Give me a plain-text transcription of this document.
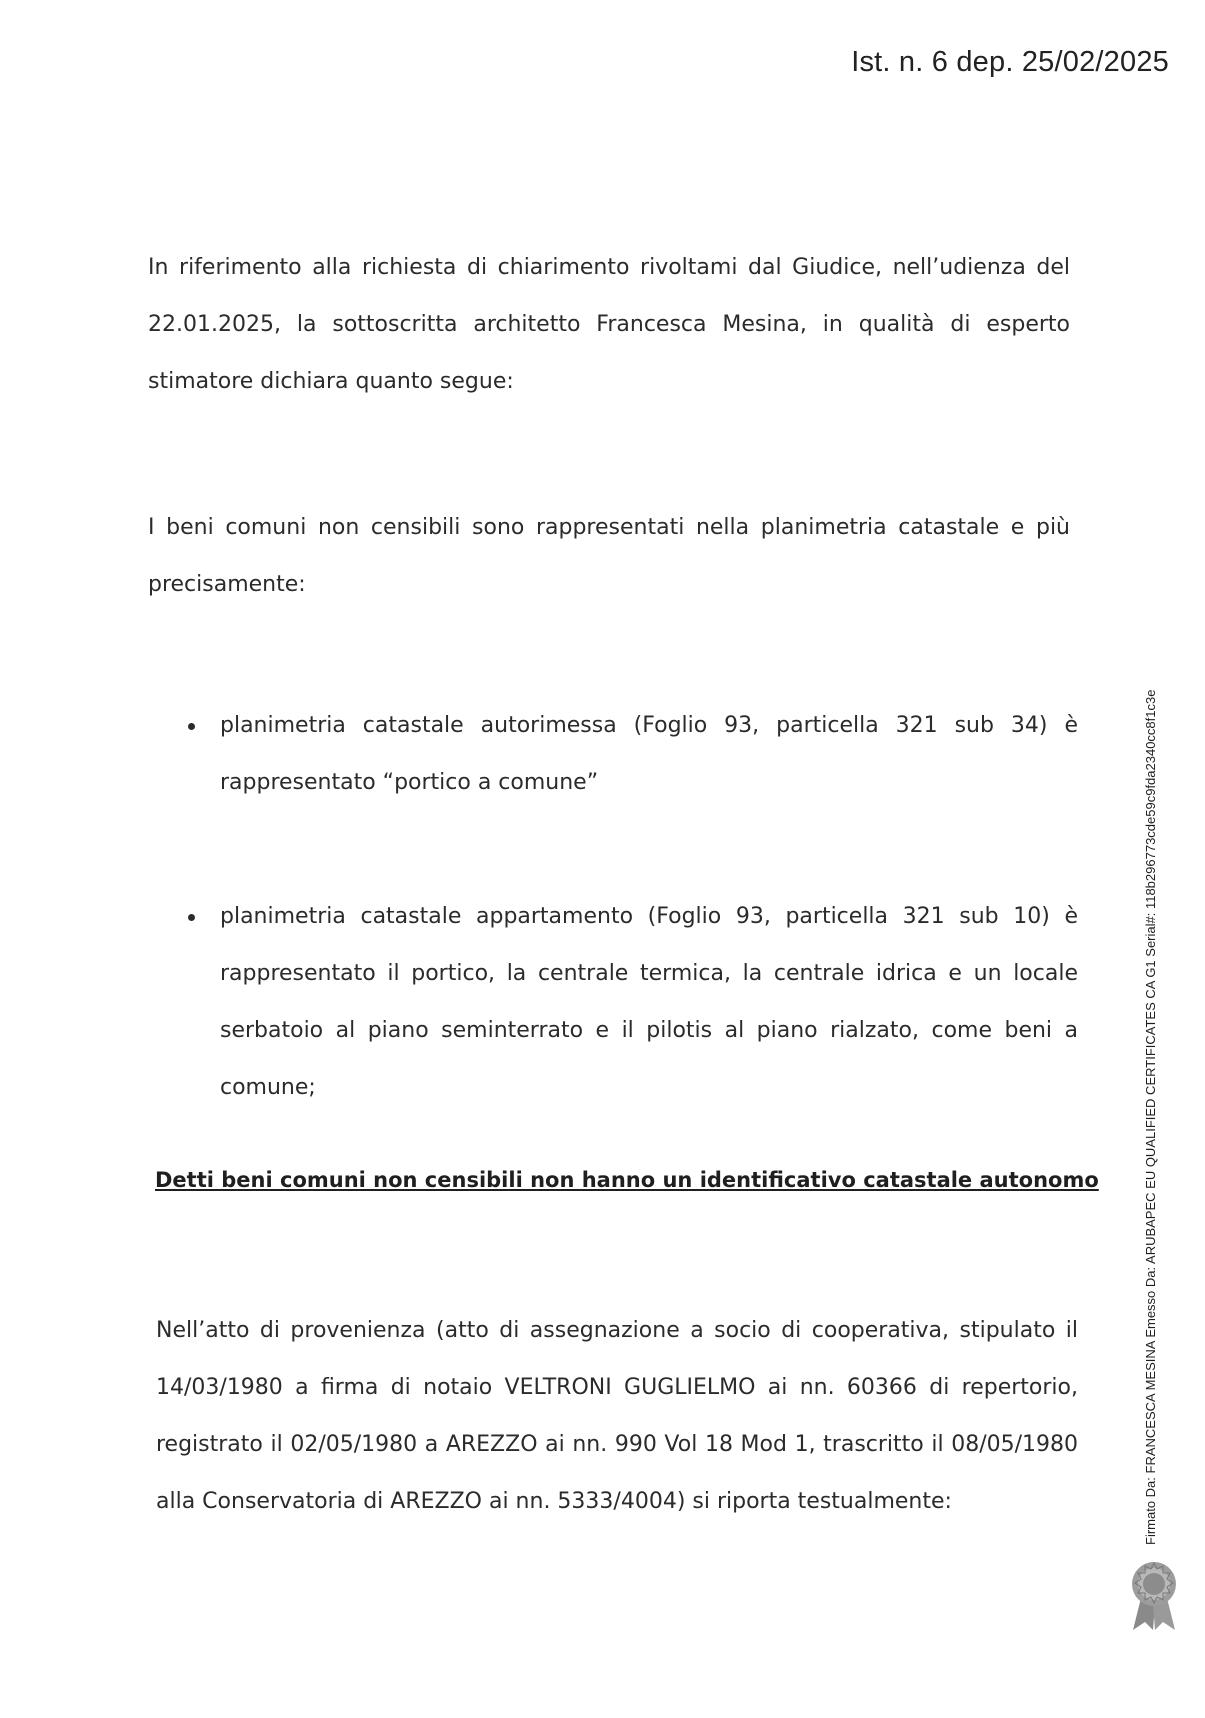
Ist. n. 6 dep. 25/02/2025

In riferimento alla richiesta di chiarimento rivoltami dal Giudice, nell’udienza del 22.01.2025, la sottoscritta architetto Francesca Mesina, in qualità di esperto stimatore dichiara quanto segue:

I beni comuni non censibili sono rappresentati nella planimetria catastale e più precisamente:

planimetria catastale autorimessa (Foglio 93, particella 321 sub 34) è rappresentato “portico a comune”
planimetria catastale appartamento (Foglio 93, particella 321 sub 10) è rappresentato il portico, la centrale termica, la centrale idrica e un locale serbatoio al piano seminterrato e il pilotis al piano rialzato, come beni a comune;

Detti beni comuni non censibili non hanno un identificativo catastale autonomo

Nell’atto di provenienza (atto di assegnazione a socio di cooperativa, stipulato il 14/03/1980 a firma di notaio VELTRONI GUGLIELMO ai nn. 60366 di repertorio, registrato il 02/05/1980 a AREZZO ai nn. 990 Vol 18 Mod 1, trascritto il 08/05/1980 alla Conservatoria di AREZZO ai nn. 5333/4004) si riporta testualmente:	Firmato Da: FRANCESCA MESINA Emesso Da: ARUBAPEC EU QUALIFIED CERTIFICATES CA G1 Serial#: 118b296773cde59c9fda2340cc8f1c3e
